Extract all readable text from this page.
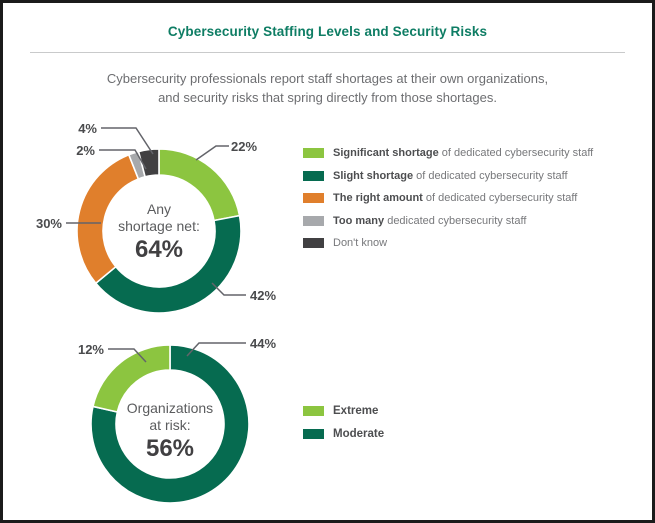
Cybersecurity Staffing Levels and Security Risks
Cybersecurity professionals report staff shortages at their own organizations,
and security risks that spring directly from those shortages.
4%
2%	22%
30%
42%
Any
shortage net:
64%
Significant shortage of dedicated cybersecurity staff
Slight shortage of dedicated cybersecurity staff
The right amount of dedicated cybersecurity staff
Too many dedicated cybersecurity staff
Don't know
12%	44%
Organizations
at risk:
56%
Extreme
Moderate
